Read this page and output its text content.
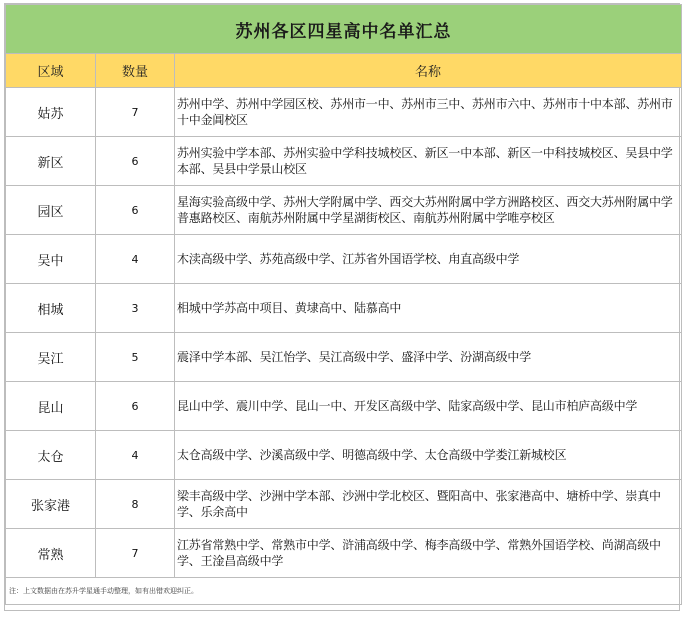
苏州各区四星高中名单汇总		
区域	数量	名称
姑苏	7	苏州中学、苏州中学园区校、苏州市一中、苏州市三中、苏州市六中、苏州市十中本部、苏州市十中金阊校区
新区	6	苏州实验中学本部、苏州实验中学科技城校区、新区一中本部、新区一中科技城校区、吴县中学本部、吴县中学景山校区
园区	6	星海实验高级中学、苏州大学附属中学、西交大苏州附属中学方洲路校区、西交大苏州附属中学普惠路校区、南航苏州附属中学星湖街校区、南航苏州附属中学唯亭校区
吴中	4	木渎高级中学、苏苑高级中学、江苏省外国语学校、甪直高级中学
相城	3	相城中学苏高中项目、黄埭高中、陆慕高中
吴江	5	震泽中学本部、吴江怡学、吴江高级中学、盛泽中学、汾湖高级中学
昆山	6	昆山中学、震川中学、昆山一中、开发区高级中学、陆家高级中学、昆山市柏庐高级中学
太仓	4	太仓高级中学、沙溪高级中学、明德高级中学、太仓高级中学娄江新城校区
张家港	8	梁丰高级中学、沙洲中学本部、沙洲中学北校区、暨阳高中、张家港高中、塘桥中学、崇真中学、乐余高中
常熟	7	江苏省常熟中学、常熟市中学、浒浦高级中学、梅李高级中学、常熟外国语学校、尚湖高级中学、王淦昌高级中学
注：上文数据由在苏升学星通手动整理，如有出错欢迎纠正。		
